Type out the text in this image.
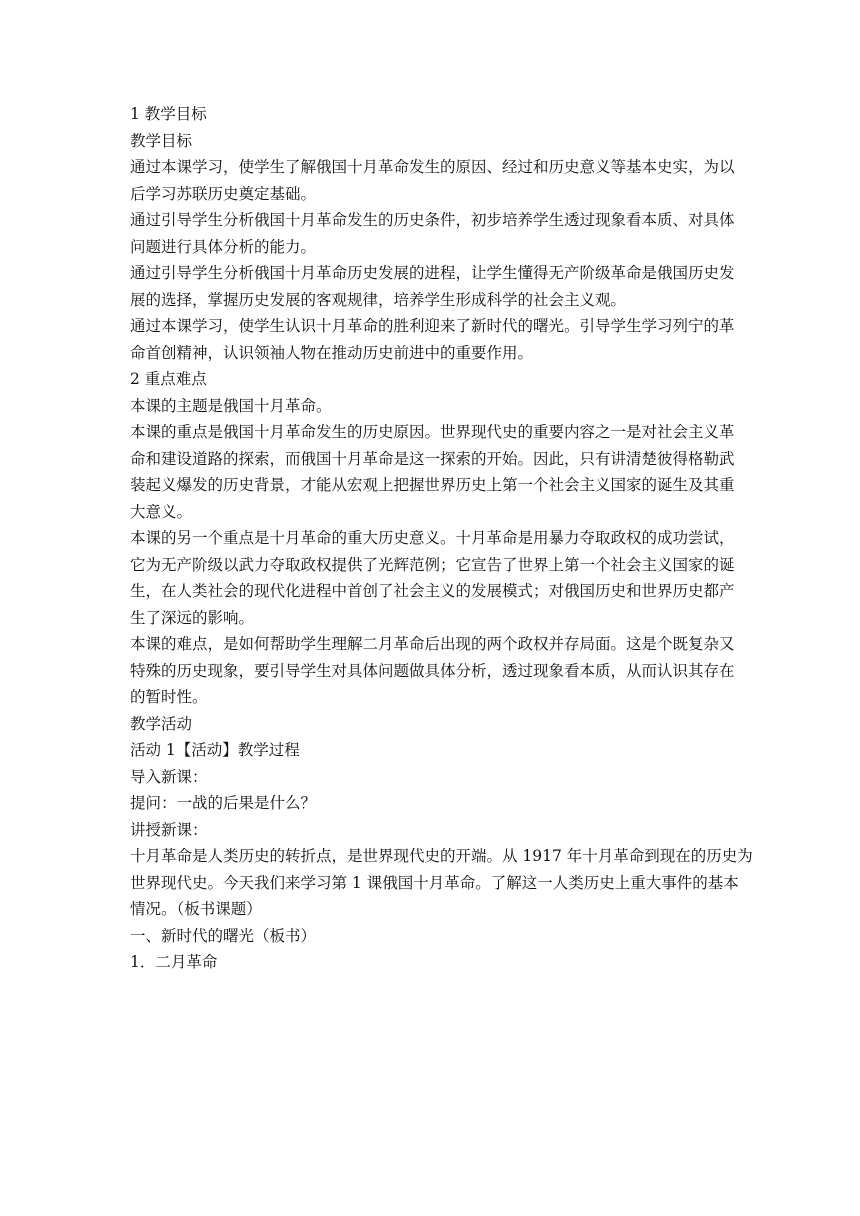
1 教学目标
教学目标
通过本课学习，使学生了解俄国十月革命发生的原因、经过和历史意义等基本史实，为以
后学习苏联历史奠定基础。
通过引导学生分析俄国十月革命发生的历史条件，初步培养学生透过现象看本质、对具体
问题进行具体分析的能力。
通过引导学生分析俄国十月革命历史发展的进程，让学生懂得无产阶级革命是俄国历史发
展的选择，掌握历史发展的客观规律，培养学生形成科学的社会主义观。
通过本课学习，使学生认识十月革命的胜利迎来了新时代的曙光。引导学生学习列宁的革
命首创精神，认识领袖人物在推动历史前进中的重要作用。
2 重点难点
本课的主题是俄国十月革命。
本课的重点是俄国十月革命发生的历史原因。世界现代史的重要内容之一是对社会主义革
命和建设道路的探索，而俄国十月革命是这一探索的开始。因此，只有讲清楚彼得格勒武
装起义爆发的历史背景，才能从宏观上把握世界历史上第一个社会主义国家的诞生及其重
大意义。
本课的另一个重点是十月革命的重大历史意义。十月革命是用暴力夺取政权的成功尝试，
它为无产阶级以武力夺取政权提供了光辉范例；它宣告了世界上第一个社会主义国家的诞
生，在人类社会的现代化进程中首创了社会主义的发展模式；对俄国历史和世界历史都产
生了深远的影响。
本课的难点，是如何帮助学生理解二月革命后出现的两个政权并存局面。这是个既复杂又
特殊的历史现象，要引导学生对具体问题做具体分析，透过现象看本质，从而认识其存在
的暂时性。
教学活动
活动 1【活动】教学过程
导入新课：
提问：一战的后果是什么？
讲授新课：
十月革命是人类历史的转折点，是世界现代史的开端。从 1917 年十月革命到现在的历史为
世界现代史。今天我们来学习第 1 课俄国十月革命。了解这一人类历史上重大事件的基本
情况。（板书课题）
一、新时代的曙光（板书）
1．二月革命
